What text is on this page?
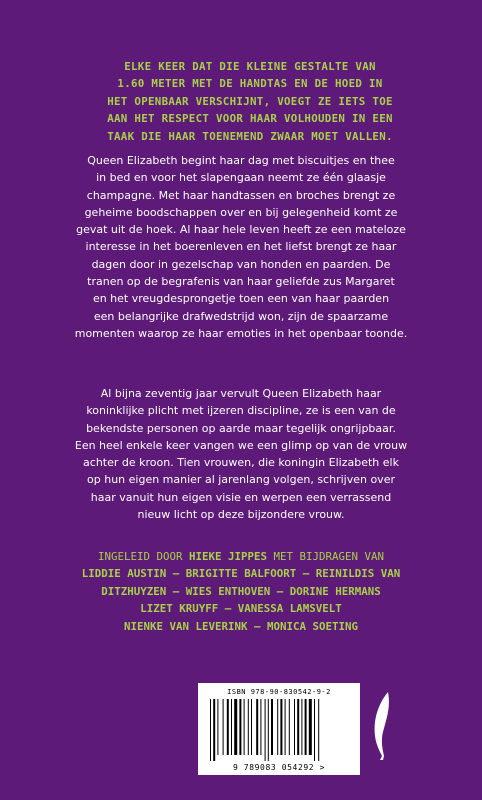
ELKE KEER DAT DIE KLEINE GESTALTE VAN
1.60 METER MET DE HANDTAS EN DE HOED IN
HET OPENBAAR VERSCHIJNT, VOEGT ZE IETS TOE
AAN HET RESPECT VOOR HAAR VOLHOUDEN IN EEN
TAAK DIE HAAR TOENEMEND ZWAAR MOET VALLEN.
Queen Elizabeth begint haar dag met biscuitjes en thee
in bed en voor het slapengaan neemt ze één glaasje
champagne. Met haar handtassen en broches brengt ze
geheime boodschappen over en bij gelegenheid komt ze
gevat uit de hoek. Al haar hele leven heeft ze een mateloze
interesse in het boerenleven en het liefst brengt ze haar
dagen door in gezelschap van honden en paarden. De
tranen op de begrafenis van haar geliefde zus Margaret
en het vreugdesprongetje toen een van haar paarden
een belangrijke drafwedstrijd won, zijn de spaarzame
momenten waarop ze haar emoties in het openbaar toonde.
Al bijna zeventig jaar vervult Queen Elizabeth haar
koninklijke plicht met ijzeren discipline, ze is een van de
bekendste personen op aarde maar tegelijk ongrijpbaar.
Een heel enkele keer vangen we een glimp op van de vrouw
achter de kroon. Tien vrouwen, die koningin Elizabeth elk
op hun eigen manier al jarenlang volgen, schrijven over
haar vanuit hun eigen visie en werpen een verrassend
nieuw licht op deze bijzondere vrouw.
INGELEID DOOR HIEKE JIPPES MET BIJDRAGEN VAN
LIDDIE AUSTIN – BRIGITTE BALFOORT – REINILDIS VAN
DITZHUYZEN – WIES ENTHOVEN – DORINE HERMANS
LIZET KRUYFF – VANESSA LAMSVELT
NIENKE VAN LEVERINK – MONICA SOETING
ISBN 978-90-830542-9-2
9 789083 054292 >
